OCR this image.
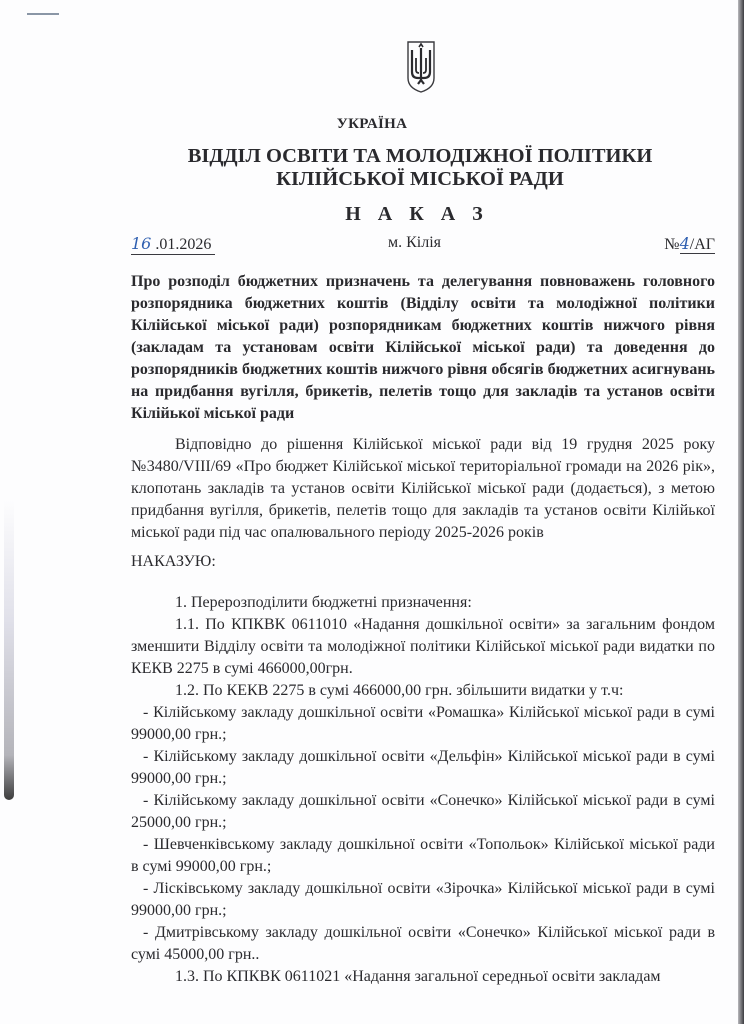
УКРАЇНА
ВІДДІЛ ОСВІТИ ТА МОЛОДІЖНОЇ ПОЛІТИКИ
КІЛІЙСЬКОЇ МІСЬКОЇ РАДИ
Н А К А З
16 .01.2026	м. Кілія	№4/АГ
Про розподіл бюджетних призначень та делегування повноважень головного розпорядника бюджетних коштів (Відділу освіти та молодіжної політики Кілійської міської ради) розпорядникам бюджетних коштів нижчого рівня (закладам та установам освіти Кілійської міської ради) та доведення до розпорядників бюджетних коштів нижчого рівня обсягів бюджетних асигнувань на придбання вугілля, брикетів, пелетів тощо для закладів та установ освіти Кілійької міської ради
Відповідно до рішення Кілійської міської ради від 19 грудня 2025 року №3480/VIII/69 «Про бюджет Кілійської міської територіальної громади на 2026 рік», клопотань закладів та установ освіти Кілійської міської ради (додається), з метою придбання вугілля, брикетів, пелетів тощо для закладів та установ освіти Кілійької міської ради під час опалювального періоду 2025-2026 років
НАКАЗУЮ:
1. Перерозподілити бюджетні призначення:
1.1. По КПКВК 0611010 «Надання дошкільної освіти» за загальним фондом зменшити Відділу освіти та молодіжної політики Кілійської міської ради видатки по КЕКВ 2275 в сумі 466000,00грн.
1.2. По КЕКВ 2275 в сумі 466000,00 грн. збільшити видатки у т.ч:
- Кілійському закладу дошкільної освіти «Ромашка» Кілійської міської ради в сумі 99000,00 грн.;
- Кілійському закладу дошкільної освіти «Дельфін» Кілійської міської ради в сумі 99000,00 грн.;
- Кілійському закладу дошкільної освіти «Сонечко» Кілійської міської ради в сумі 25000,00 грн.;
- Шевченківському закладу дошкільної освіти «Топольок» Кілійської міської ради в сумі 99000,00 грн.;
- Лісківському закладу дошкільної освіти «Зірочка» Кілійської міської ради в сумі 99000,00 грн.;
- Дмитрівському закладу дошкільної освіти «Сонечко» Кілійської міської ради в сумі 45000,00 грн..
1.3. По КПКВК 0611021 «Надання загальної середньої освіти закладам
